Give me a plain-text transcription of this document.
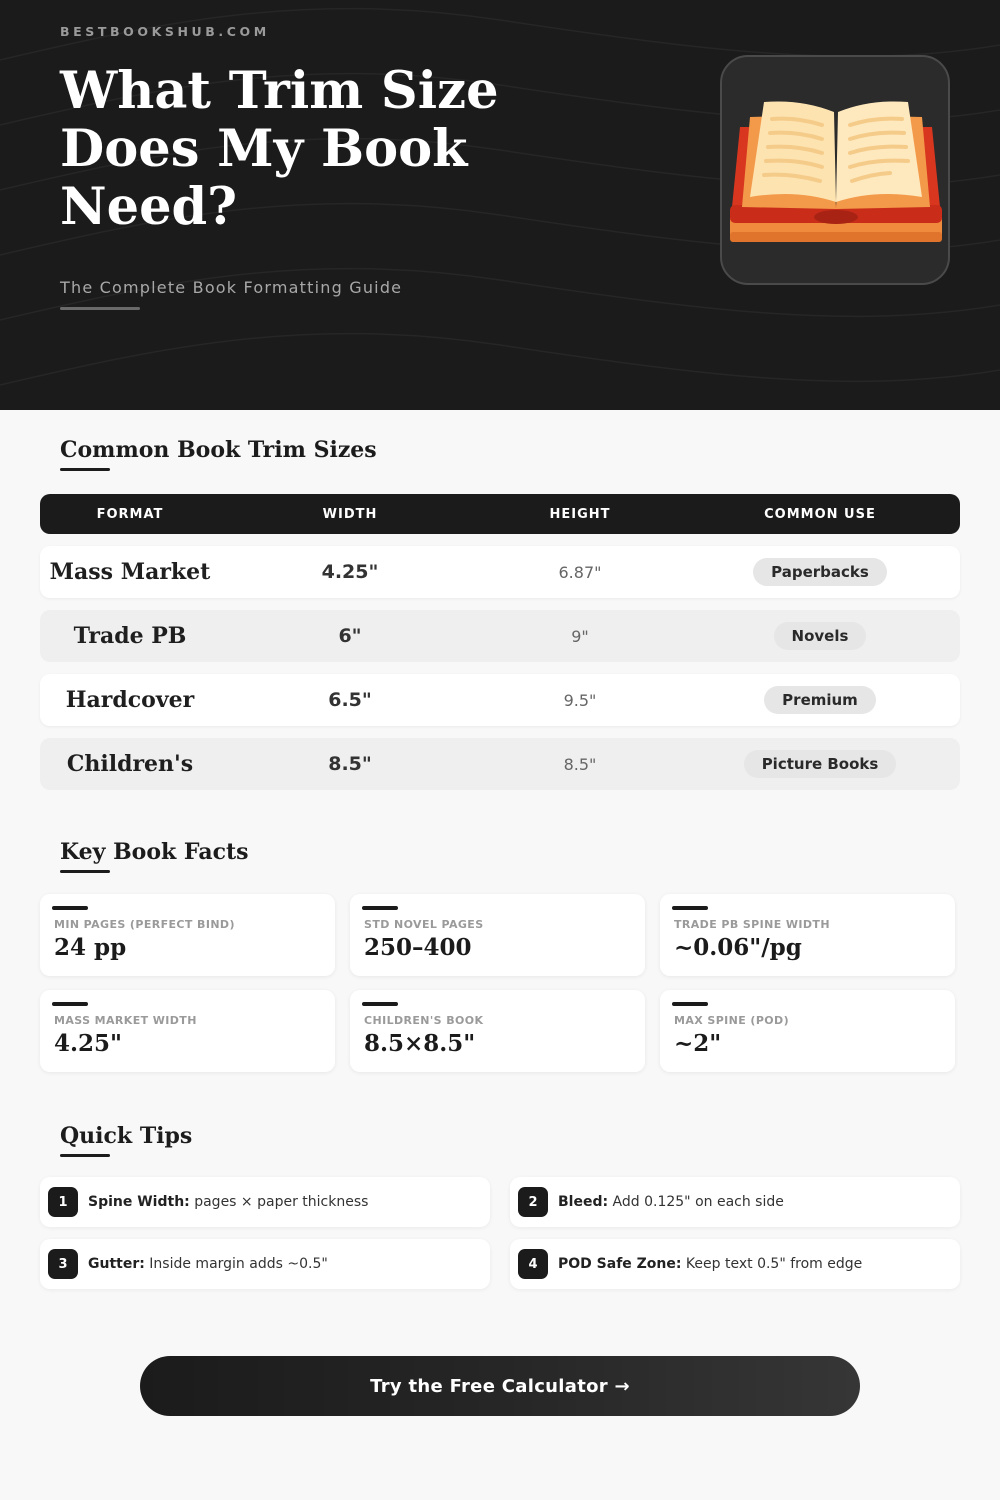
BESTBOOKSHUB.COM
What Trim Size Does My Book Need?
The Complete Book Formatting Guide
Common Book Trim Sizes
FORMAT	WIDTH	HEIGHT	COMMON USE
Mass Market	4.25"	6.87"	Paperbacks
Trade PB	6"	9"	Novels
Hardcover	6.5"	9.5"	Premium
Children's	8.5"	8.5"	Picture Books
Key Book Facts
MIN PAGES (PERFECT BIND)
24 pp
STD NOVEL PAGES
250–400
TRADE PB SPINE WIDTH
~0.06"/pg
MASS MARKET WIDTH
4.25"
CHILDREN'S BOOK
8.5×8.5"
MAX SPINE (POD)
~2"
Quick Tips
1	Spine Width: pages × paper thickness	2	Bleed: Add 0.125" on each side
3	Gutter: Inside margin adds ~0.5"	4	POD Safe Zone: Keep text 0.5" from edge
Try the Free Calculator →
